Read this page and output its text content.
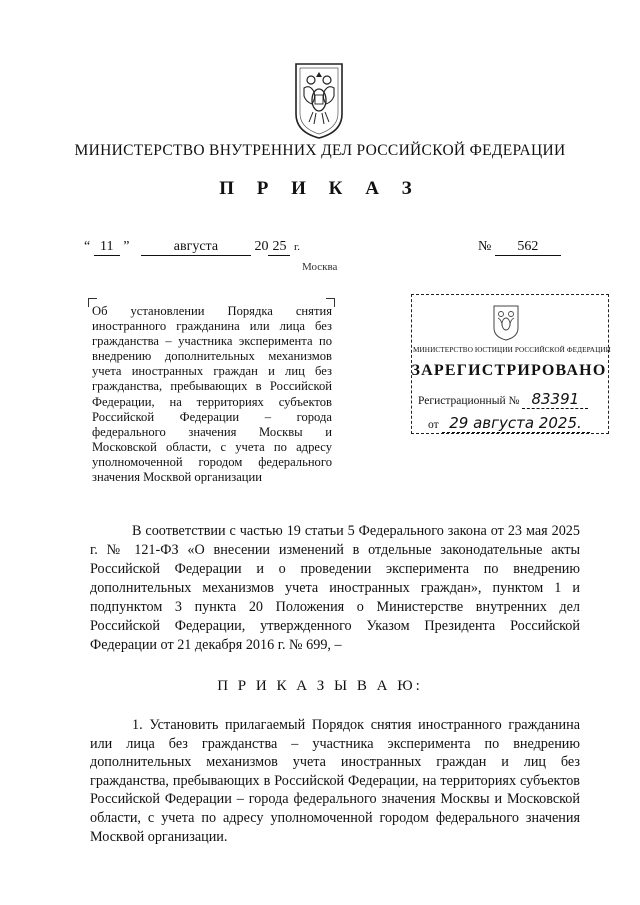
МИНИСТЕРСТВО ВНУТРЕННИХ ДЕЛ РОССИЙСКОЙ ФЕДЕРАЦИИ
П Р И К А З
“ 11 ”	августа	20 25 г.	№ 562
Москва
Об установлении Порядка снятия иностранного гражданина или лица без гражданства – участника эксперимента по внедрению дополнительных механизмов учета иностранных граждан и лиц без гражданства, пребывающих в Российской Федерации, на территориях субъектов Российской Федерации – города федерального значения Москвы и Московской области, с учета по адресу уполномоченной городом федерального значения Москвой организации
МИНИСТЕРСТВО ЮСТИЦИИ РОССИЙСКОЙ ФЕДЕРАЦИИ
ЗАРЕГИСТРИРОВАНО
Регистрационный № 83391
от 29 августа 2025.
В соответствии с частью 19 статьи 5 Федерального закона от 23 мая 2025 г. № 121-ФЗ «О внесении изменений в отдельные законодательные акты Российской Федерации и о проведении эксперимента по внедрению дополнительных механизмов учета иностранных граждан», пунктом 1 и подпунктом 3 пункта 20 Положения о Министерстве внутренних дел Российской Федерации, утвержденного Указом Президента Российской Федерации от 21 декабря 2016 г. № 699, –
П Р И К А З Ы В А Ю:
1. Установить прилагаемый Порядок снятия иностранного гражданина или лица без гражданства – участника эксперимента по внедрению дополнительных механизмов учета иностранных граждан и лиц без гражданства, пребывающих в Российской Федерации, на территориях субъектов Российской Федерации – города федерального значения Москвы и Московской области, с учета по адресу уполномоченной городом федерального значения Москвой организации.
